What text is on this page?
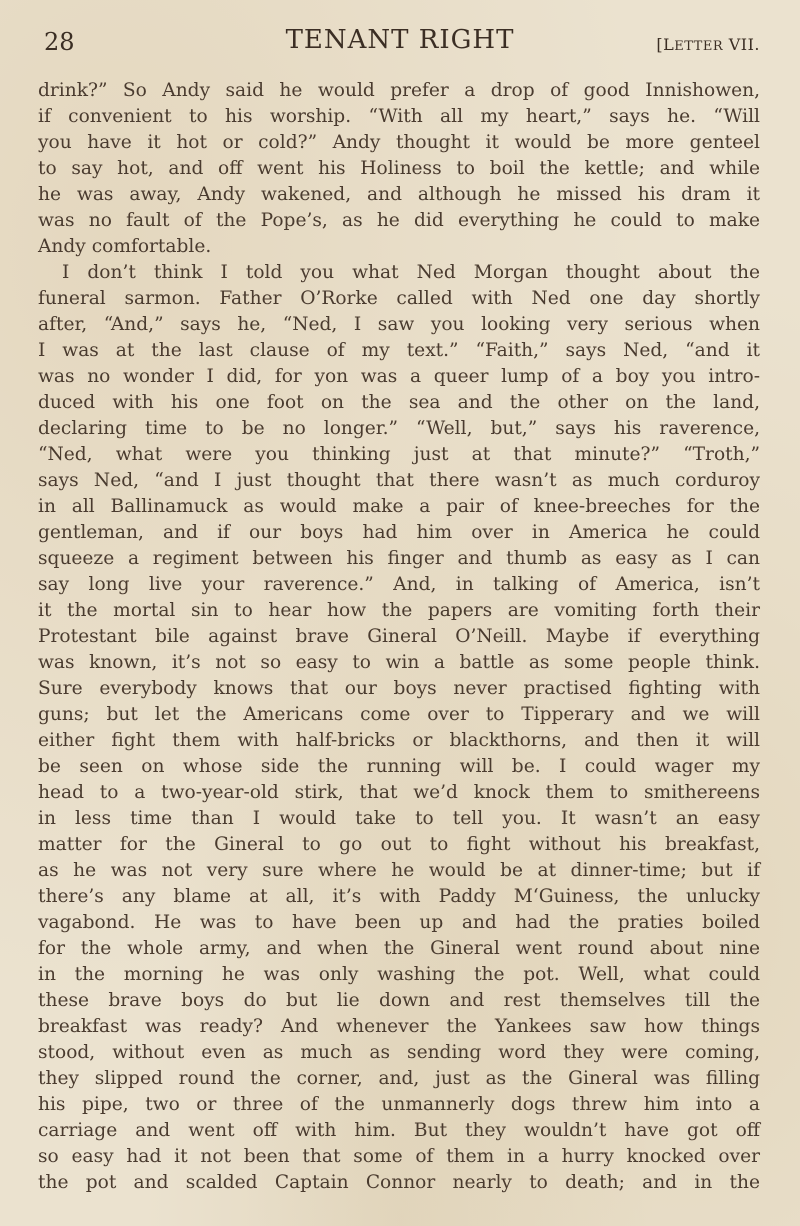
28	TENANT RIGHT	[LETTER VII.
drink?” So Andy said he would prefer a drop of good Innishowen,
if convenient to his worship. “With all my heart,” says he. “Will
you have it hot or cold?” Andy thought it would be more genteel
to say hot, and off went his Holiness to boil the kettle; and while
he was away, Andy wakened, and although he missed his dram it
was no fault of the Pope’s, as he did everything he could to make
Andy comfortable.
I don’t think I told you what Ned Morgan thought about the
funeral sarmon. Father O’Rorke called with Ned one day shortly
after, “And,” says he, “Ned, I saw you looking very serious when
I was at the last clause of my text.” “Faith,” says Ned, “and it
was no wonder I did, for yon was a queer lump of a boy you intro-
duced with his one foot on the sea and the other on the land,
declaring time to be no longer.” “Well, but,” says his raverence,
“Ned, what were you thinking just at that minute?” “Troth,”
says Ned, “and I just thought that there wasn’t as much corduroy
in all Ballinamuck as would make a pair of knee-breeches for the
gentleman, and if our boys had him over in America he could
squeeze a regiment between his finger and thumb as easy as I can
say long live your raverence.” And, in talking of America, isn’t
it the mortal sin to hear how the papers are vomiting forth their
Protestant bile against brave Gineral O’Neill. Maybe if everything
was known, it’s not so easy to win a battle as some people think.
Sure everybody knows that our boys never practised fighting with
guns; but let the Americans come over to Tipperary and we will
either fight them with half-bricks or blackthorns, and then it will
be seen on whose side the running will be. I could wager my
head to a two-year-old stirk, that we’d knock them to smithereens
in less time than I would take to tell you. It wasn’t an easy
matter for the Gineral to go out to fight without his breakfast,
as he was not very sure where he would be at dinner-time; but if
there’s any blame at all, it’s with Paddy M‘Guiness, the unlucky
vagabond. He was to have been up and had the praties boiled
for the whole army, and when the Gineral went round about nine
in the morning he was only washing the pot. Well, what could
these brave boys do but lie down and rest themselves till the
breakfast was ready? And whenever the Yankees saw how things
stood, without even as much as sending word they were coming,
they slipped round the corner, and, just as the Gineral was filling
his pipe, two or three of the unmannerly dogs threw him into a
carriage and went off with him. But they wouldn’t have got off
so easy had it not been that some of them in a hurry knocked over
the pot and scalded Captain Connor nearly to death; and in the
